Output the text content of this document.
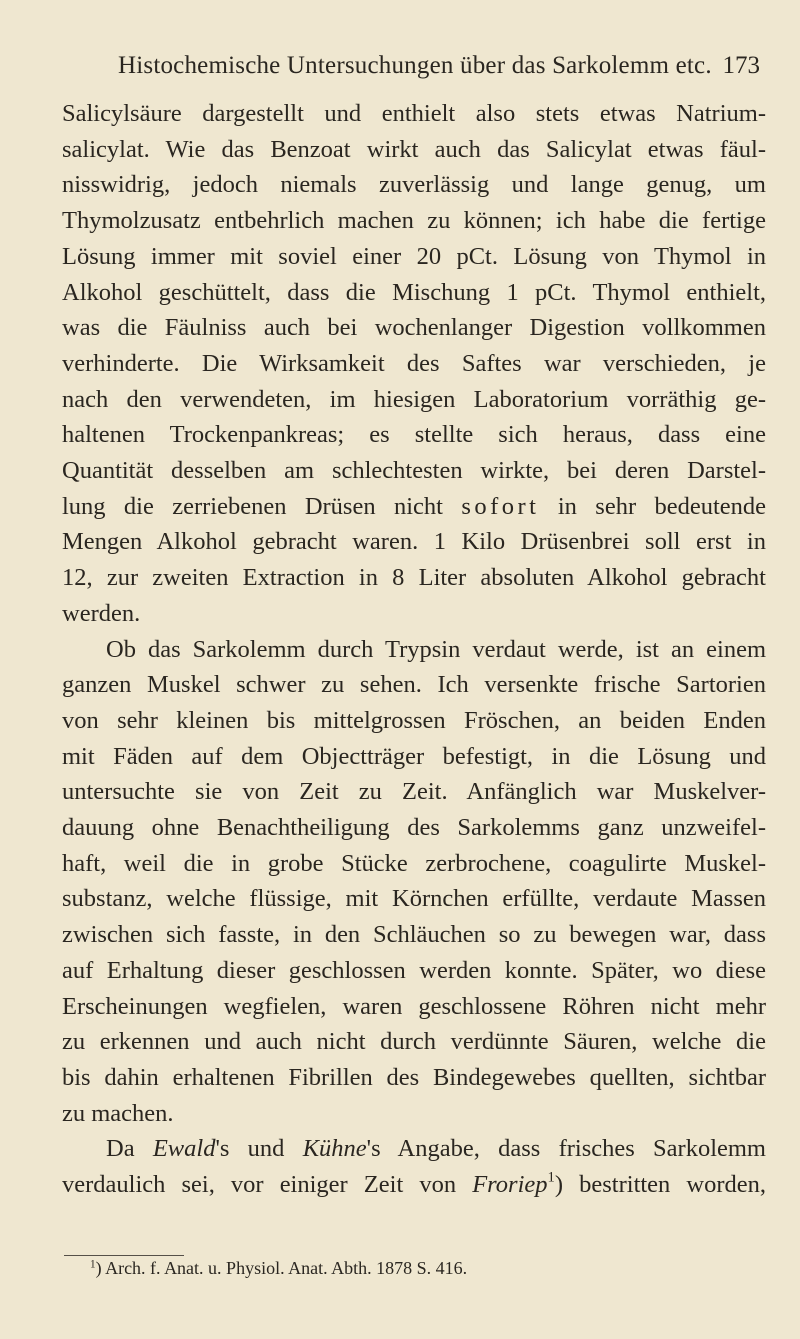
Histochemische Untersuchungen über das Sarkolemm etc. 173
Salicylsäure dargestellt und enthielt also stets etwas Natrium-
salicylat. Wie das Benzoat wirkt auch das Salicylat etwas fäul-
nisswidrig, jedoch niemals zuverlässig und lange genug, um
Thymolzusatz entbehrlich machen zu können; ich habe die fertige
Lösung immer mit soviel einer 20 pCt. Lösung von Thymol in
Alkohol geschüttelt, dass die Mischung 1 pCt. Thymol enthielt,
was die Fäulniss auch bei wochenlanger Digestion vollkommen
verhinderte. Die Wirksamkeit des Saftes war verschieden, je
nach den verwendeten, im hiesigen Laboratorium vorräthig ge-
haltenen Trockenpankreas; es stellte sich heraus, dass eine
Quantität desselben am schlechtesten wirkte, bei deren Darstel-
lung die zerriebenen Drüsen nicht sofort in sehr bedeutende
Mengen Alkohol gebracht waren. 1 Kilo Drüsenbrei soll erst in
12, zur zweiten Extraction in 8 Liter absoluten Alkohol gebracht
werden.
Ob das Sarkolemm durch Trypsin verdaut werde, ist an einem
ganzen Muskel schwer zu sehen. Ich versenkte frische Sartorien
von sehr kleinen bis mittelgrossen Fröschen, an beiden Enden
mit Fäden auf dem Objectträger befestigt, in die Lösung und
untersuchte sie von Zeit zu Zeit. Anfänglich war Muskelver-
dauung ohne Benachtheiligung des Sarkolemms ganz unzweifel-
haft, weil die in grobe Stücke zerbrochene, coagulirte Muskel-
substanz, welche flüssige, mit Körnchen erfüllte, verdaute Massen
zwischen sich fasste, in den Schläuchen so zu bewegen war, dass
auf Erhaltung dieser geschlossen werden konnte. Später, wo diese
Erscheinungen wegfielen, waren geschlossene Röhren nicht mehr
zu erkennen und auch nicht durch verdünnte Säuren, welche die
bis dahin erhaltenen Fibrillen des Bindegewebes quellten, sichtbar
zu machen.
Da Ewald's und Kühne's Angabe, dass frisches Sarkolemm
verdaulich sei, vor einiger Zeit von Froriep$^1$) bestritten worden,
$^1$) Arch. f. Anat. u. Physiol. Anat. Abth. 1878 S. 416.
